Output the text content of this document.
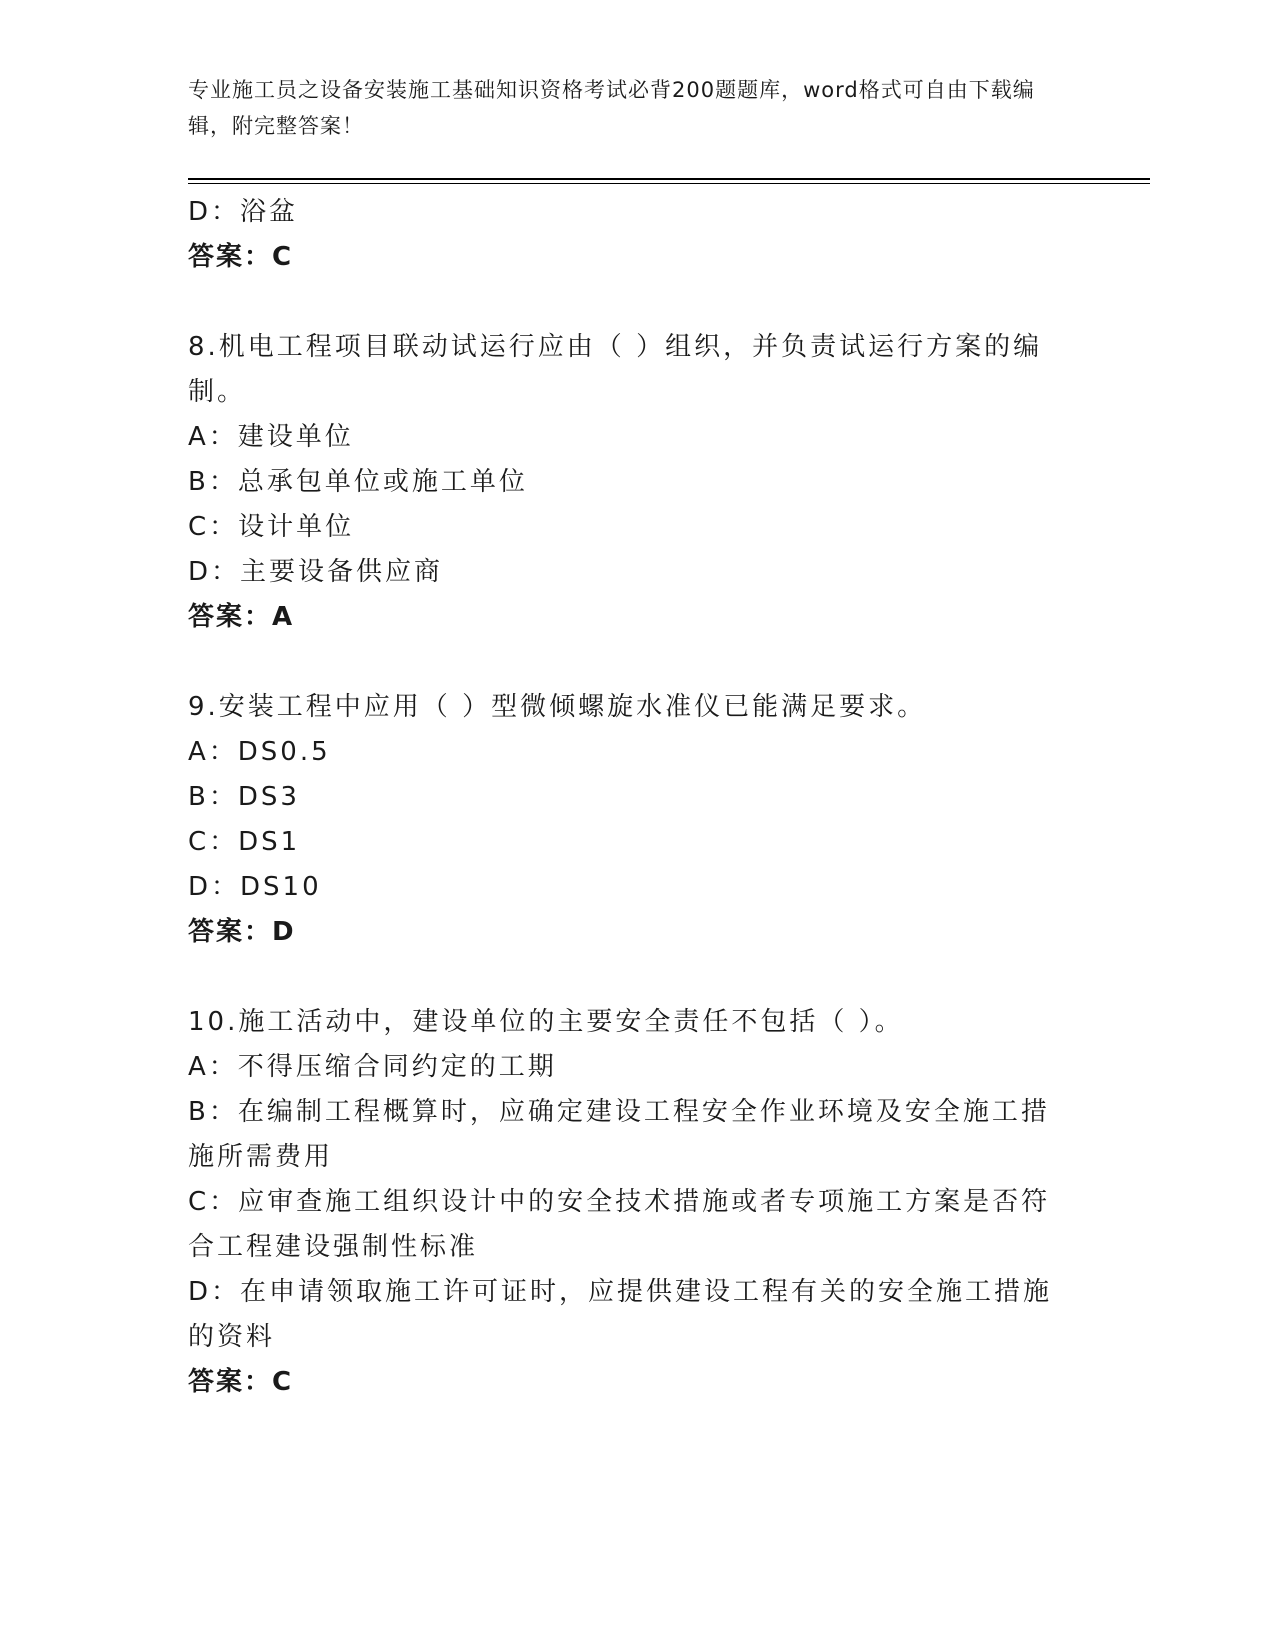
专业施工员之设备安装施工基础知识资格考试必背200题题库，word格式可自由下载编辑，附完整答案！
D：浴盆
答案：C
8.机电工程项目联动试运行应由（ ）组织，并负责试运行方案的编制。
A：建设单位
B：总承包单位或施工单位
C：设计单位
D：主要设备供应商
答案：A
9.安装工程中应用（ ）型微倾螺旋水准仪已能满足要求。
A：DS0.5
B：DS3
C：DS1
D：DS10
答案：D
10.施工活动中，建设单位的主要安全责任不包括（ ）。
A：不得压缩合同约定的工期
B：在编制工程概算时，应确定建设工程安全作业环境及安全施工措施所需费用
C：应审查施工组织设计中的安全技术措施或者专项施工方案是否符合工程建设强制性标准
D：在申请领取施工许可证时，应提供建设工程有关的安全施工措施的资料
答案：C
